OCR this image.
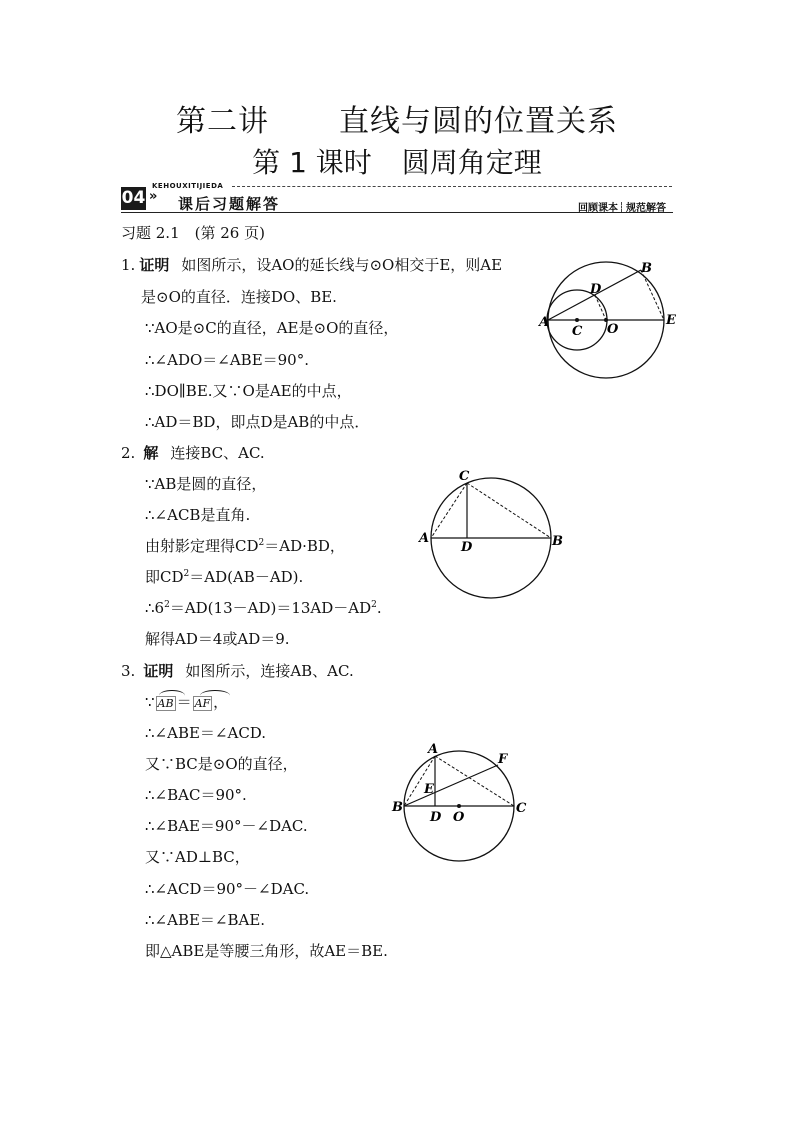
第二讲 直线与圆的位置关系
第 1 课时 圆周角定理
04
KEHOUXITIJIEDA
» 课后习题解答	回顾课本 规范解答
习题 2.1　(第 26 页)
1. 证明 如图所示，设AO的延长线与⊙O相交于E，则AE
是⊙O的直径．连接DO、BE.
∵AO是⊙C的直径，AE是⊙O的直径，
∴∠ADO＝∠ABE＝90°.
∴DO∥BE.又∵O是AE的中点，
∴AD＝BD，即点D是AB的中点．
A
B
C
D
E
O
2. 解 连接BC、AC.
∵AB是圆的直径，
∴∠ACB是直角.
由射影定理得$CD^2=AD\cdot BD$，
即$CD^2=AD(AB-AD)$.
$\therefore 6^2=AD(13-AD)=13AD-AD^2$.
解得AD＝4或AD＝9.
A	B
C
D
3. 证明 如图所示，连接AB、AC.
∵ AB ＝ AF ，
∴∠ABE＝∠ACD.
又∵BC是⊙O的直径，
∴∠BAC＝90°.
∴∠BAE＝90°－∠DAC.
又∵AD⊥BC，
∴∠ACD＝90°－∠DAC.
∴∠ABE＝∠BAE.
即△ABE是等腰三角形，故AE＝BE.
A
B	C
D
E
F
O
